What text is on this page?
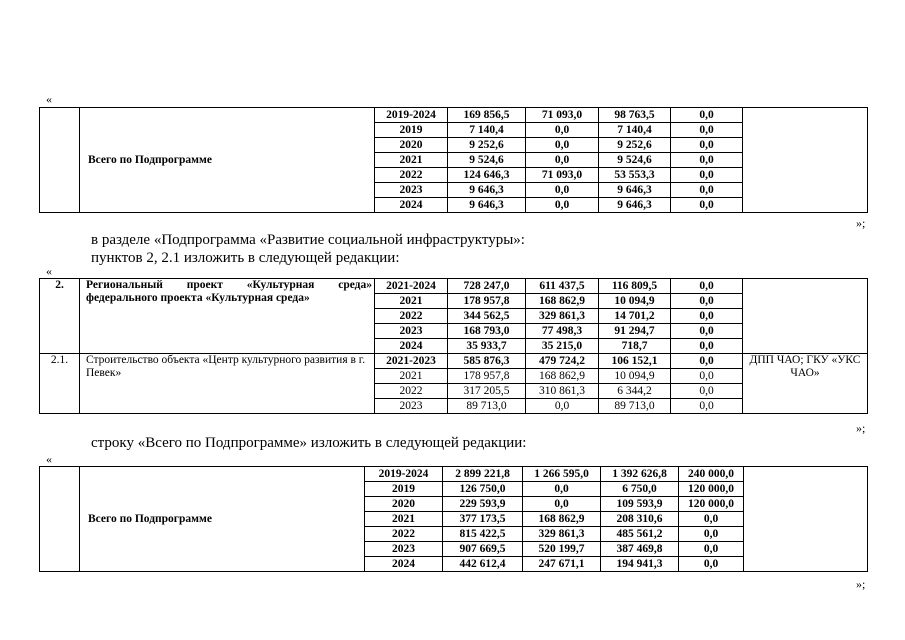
«
	Всего по Подпрограмме	2019-2024	169 856,5	71 093,0	98 763,5	0,0	
		2019	7 140,4	0,0	7 140,4	0,0	
		2020	9 252,6	0,0	9 252,6	0,0	
		2021	9 524,6	0,0	9 524,6	0,0	
		2022	124 646,3	71 093,0	53 553,3	0,0	
		2023	9 646,3	0,0	9 646,3	0,0	
		2024	9 646,3	0,0	9 646,3	0,0	
»;
в разделе «Подпрограмма «Развитие социальной инфраструктуры»:
пунктов 2, 2.1 изложить в следующей редакции:
«
2.	Региональный проект «Культурная среда» федерального проекта «Культурная среда»	2021-2024	728 247,0	611 437,5	116 809,5	0,0	
		2021	178 957,8	168 862,9	10 094,9	0,0	
		2022	344 562,5	329 861,3	14 701,2	0,0	
		2023	168 793,0	77 498,3	91 294,7	0,0	
		2024	35 933,7	35 215,0	718,7	0,0	
2.1.	Строительство объекта «Центр культурного развития в г. Певек»	2021-2023	585 876,3	479 724,2	106 152,1	0,0	ДПП ЧАО; ГКУ «УКС ЧАО»
		2021	178 957,8	168 862,9	10 094,9	0,0	
		2022	317 205,5	310 861,3	6 344,2	0,0	
		2023	89 713,0	0,0	89 713,0	0,0	
»;
строку «Всего по Подпрограмме» изложить в следующей редакции:
«
	Всего по Подпрограмме	2019-2024	2 899 221,8	1 266 595,0	1 392 626,8	240 000,0	
		2019	126 750,0	0,0	6 750,0	120 000,0	
		2020	229 593,9	0,0	109 593,9	120 000,0	
		2021	377 173,5	168 862,9	208 310,6	0,0	
		2022	815 422,5	329 861,3	485 561,2	0,0	
		2023	907 669,5	520 199,7	387 469,8	0,0	
		2024	442 612,4	247 671,1	194 941,3	0,0	
»;
